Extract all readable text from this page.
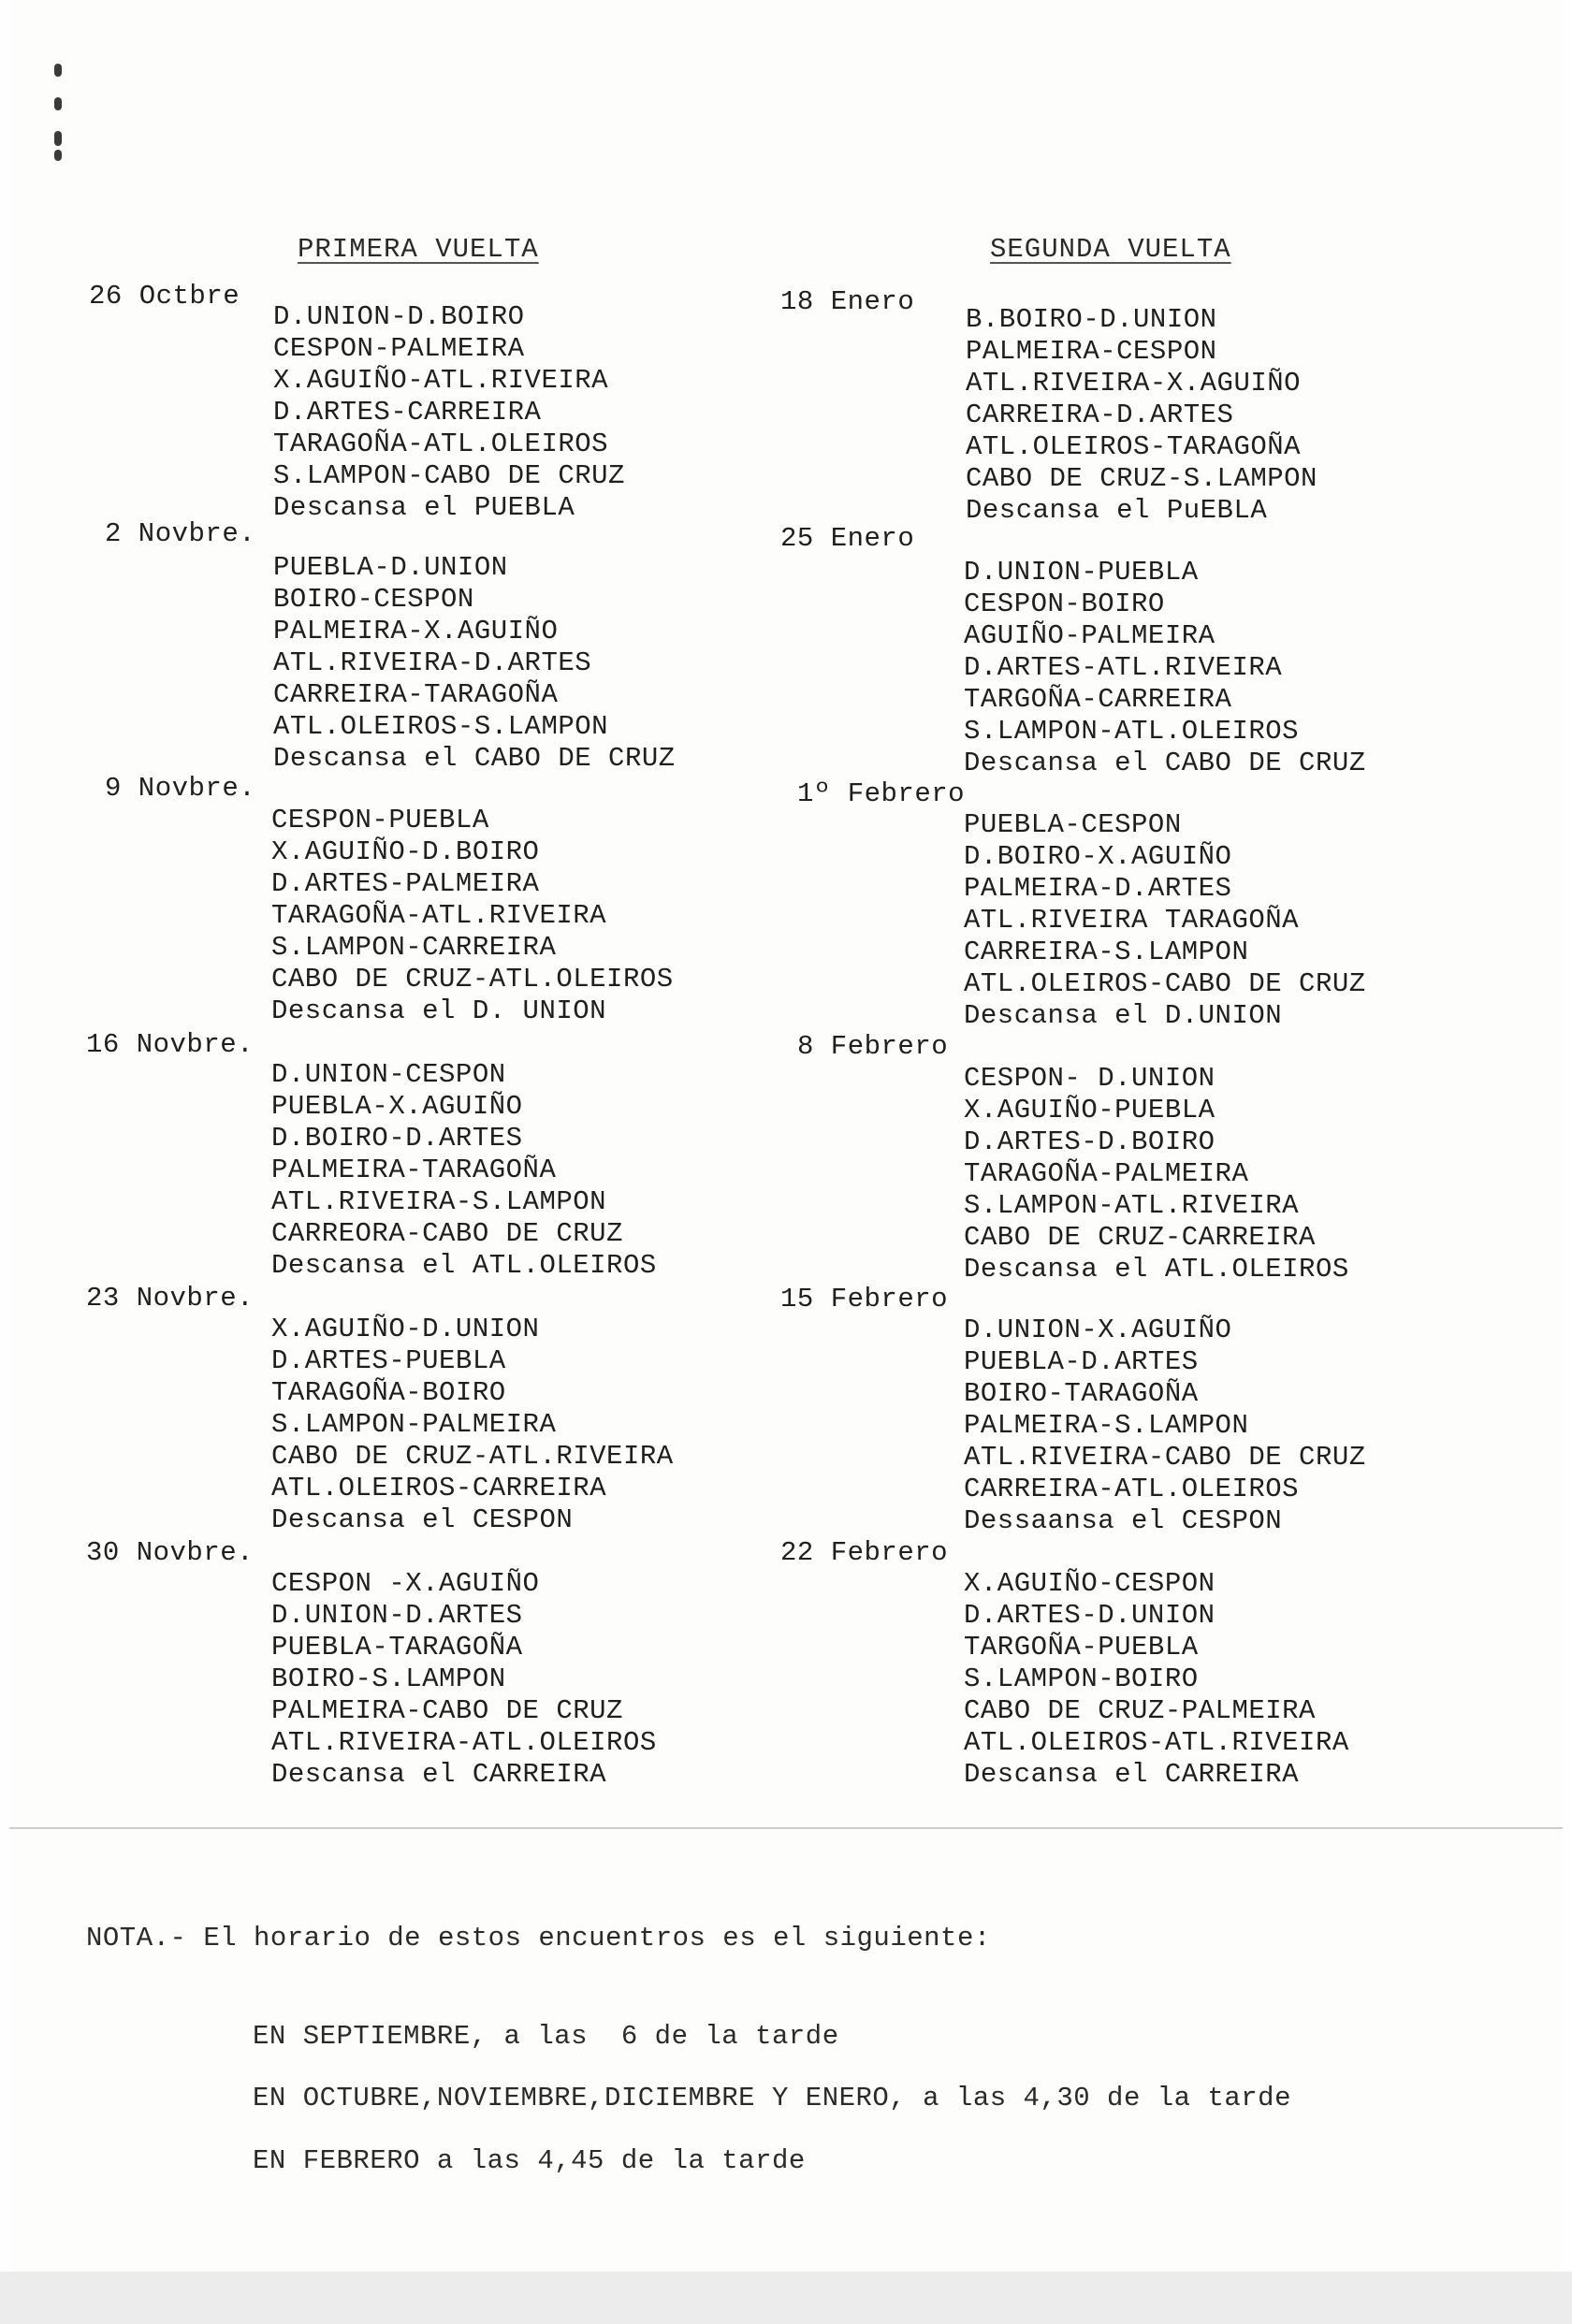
PRIMERA VUELTA	SEGUNDA VUELTA
26 Octbre
D.UNION-D.BOIRO
CESPON-PALMEIRA
X.AGUIÑO-ATL.RIVEIRA
D.ARTES-CARREIRA
TARAGOÑA-ATL.OLEIROS
S.LAMPON-CABO DE CRUZ
Descansa el PUEBLA
2 Novbre.
PUEBLA-D.UNION
BOIRO-CESPON
PALMEIRA-X.AGUIÑO
ATL.RIVEIRA-D.ARTES
CARREIRA-TARAGOÑA
ATL.OLEIROS-S.LAMPON
Descansa el CABO DE CRUZ
9 Novbre.
CESPON-PUEBLA
X.AGUIÑO-D.BOIRO
D.ARTES-PALMEIRA
TARAGOÑA-ATL.RIVEIRA
S.LAMPON-CARREIRA
CABO DE CRUZ-ATL.OLEIROS
Descansa el D. UNION
16 Novbre.
D.UNION-CESPON
PUEBLA-X.AGUIÑO
D.BOIRO-D.ARTES
PALMEIRA-TARAGOÑA
ATL.RIVEIRA-S.LAMPON
CARREORA-CABO DE CRUZ
Descansa el ATL.OLEIROS
23 Novbre.
X.AGUIÑO-D.UNION
D.ARTES-PUEBLA
TARAGOÑA-BOIRO
S.LAMPON-PALMEIRA
CABO DE CRUZ-ATL.RIVEIRA
ATL.OLEIROS-CARREIRA
Descansa el CESPON
30 Novbre.
CESPON -X.AGUIÑO
D.UNION-D.ARTES
PUEBLA-TARAGOÑA
BOIRO-S.LAMPON
PALMEIRA-CABO DE CRUZ
ATL.RIVEIRA-ATL.OLEIROS
Descansa el CARREIRA
18 Enero
B.BOIRO-D.UNION
PALMEIRA-CESPON
ATL.RIVEIRA-X.AGUIÑO
CARREIRA-D.ARTES
ATL.OLEIROS-TARAGOÑA
CABO DE CRUZ-S.LAMPON
Descansa el PuEBLA
25 Enero
D.UNION-PUEBLA
CESPON-BOIRO
AGUIÑO-PALMEIRA
D.ARTES-ATL.RIVEIRA
TARGOÑA-CARREIRA
S.LAMPON-ATL.OLEIROS
Descansa el CABO DE CRUZ
1º Febrero
PUEBLA-CESPON
D.BOIRO-X.AGUIÑO
PALMEIRA-D.ARTES
ATL.RIVEIRA TARAGOÑA
CARREIRA-S.LAMPON
ATL.OLEIROS-CABO DE CRUZ
Descansa el D.UNION
8 Febrero
CESPON- D.UNION
X.AGUIÑO-PUEBLA
D.ARTES-D.BOIRO
TARAGOÑA-PALMEIRA
S.LAMPON-ATL.RIVEIRA
CABO DE CRUZ-CARREIRA
Descansa el ATL.OLEIROS
15 Febrero
D.UNION-X.AGUIÑO
PUEBLA-D.ARTES
BOIRO-TARAGOÑA
PALMEIRA-S.LAMPON
ATL.RIVEIRA-CABO DE CRUZ
CARREIRA-ATL.OLEIROS
Dessaansa el CESPON
22 Febrero
X.AGUIÑO-CESPON
D.ARTES-D.UNION
TARGOÑA-PUEBLA
S.LAMPON-BOIRO
CABO DE CRUZ-PALMEIRA
ATL.OLEIROS-ATL.RIVEIRA
Descansa el CARREIRA
NOTA.- El horario de estos encuentros es el siguiente:
EN SEPTIEMBRE, a las  6 de la tarde
EN OCTUBRE,NOVIEMBRE,DICIEMBRE Y ENERO, a las 4,30 de la tarde
EN FEBRERO a las 4,45 de la tarde
